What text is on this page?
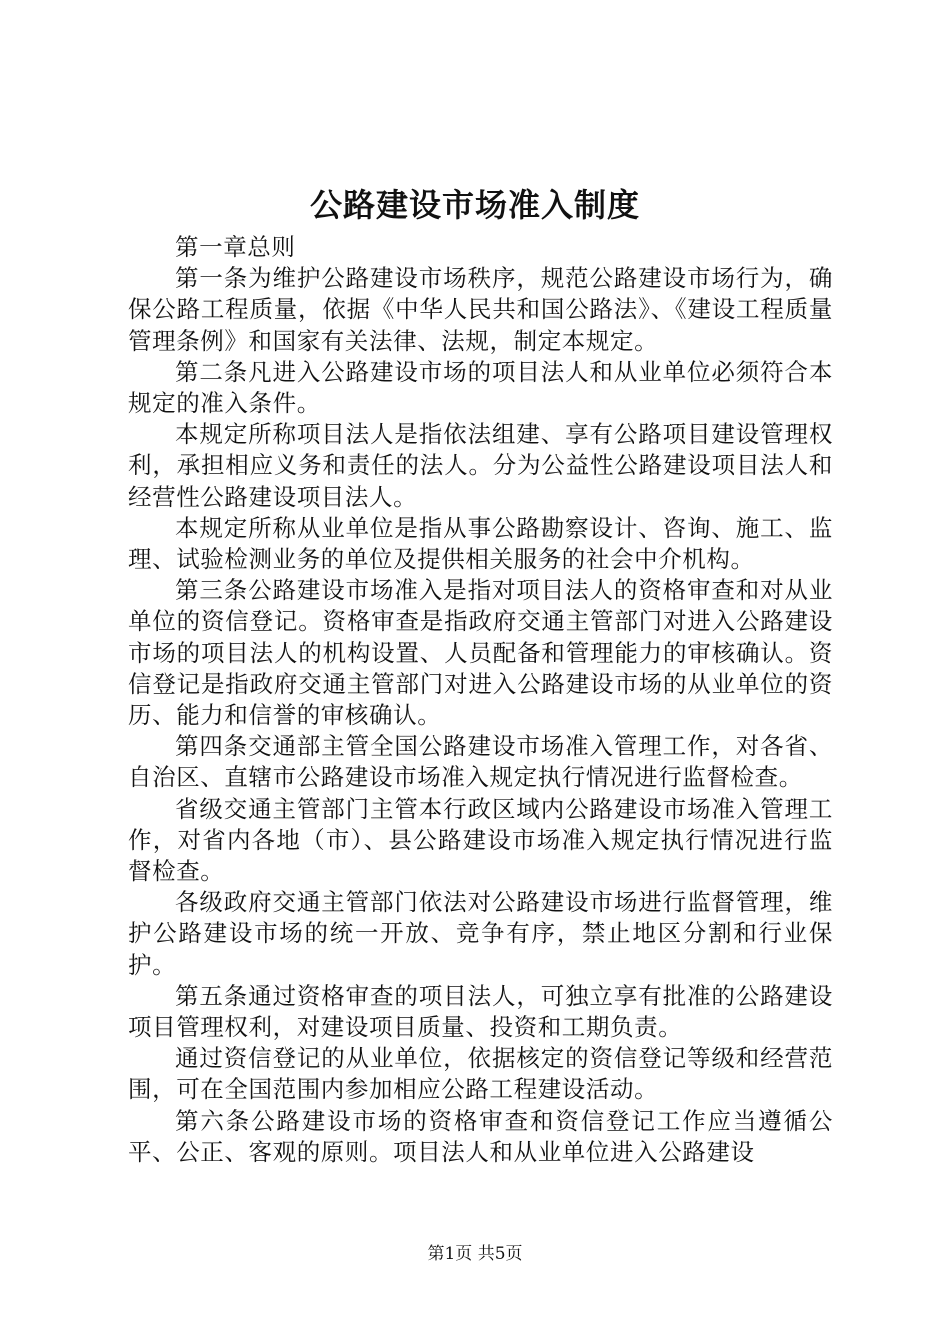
公路建设市场准入制度

第一章总则

第一条为维护公路建设市场秩序，规范公路建设市场行为，确保公路工程质量，依据《中华人民共和国公路法》、《建设工程质量管理条例》和国家有关法律、法规，制定本规定。

第二条凡进入公路建设市场的项目法人和从业单位必须符合本规定的准入条件。

本规定所称项目法人是指依法组建、享有公路项目建设管理权利，承担相应义务和责任的法人。分为公益性公路建设项目法人和经营性公路建设项目法人。

本规定所称从业单位是指从事公路勘察设计、咨询、施工、监理、试验检测业务的单位及提供相关服务的社会中介机构。

第三条公路建设市场准入是指对项目法人的资格审查和对从业单位的资信登记。资格审查是指政府交通主管部门对进入公路建设市场的项目法人的机构设置、人员配备和管理能力的审核确认。资信登记是指政府交通主管部门对进入公路建设市场的从业单位的资历、能力和信誉的审核确认。

第四条交通部主管全国公路建设市场准入管理工作，对各省、自治区、直辖市公路建设市场准入规定执行情况进行监督检查。

省级交通主管部门主管本行政区域内公路建设市场准入管理工作，对省内各地（市）、县公路建设市场准入规定执行情况进行监督检查。

各级政府交通主管部门依法对公路建设市场进行监督管理，维护公路建设市场的统一开放、竞争有序，禁止地区分割和行业保护。

第五条通过资格审查的项目法人，可独立享有批准的公路建设项目管理权利，对建设项目质量、投资和工期负责。

通过资信登记的从业单位，依据核定的资信登记等级和经营范围，可在全国范围内参加相应公路工程建设活动。

第六条公路建设市场的资格审查和资信登记工作应当遵循公平、公正、客观的原则。项目法人和从业单位进入公路建设

第1页 共5页
